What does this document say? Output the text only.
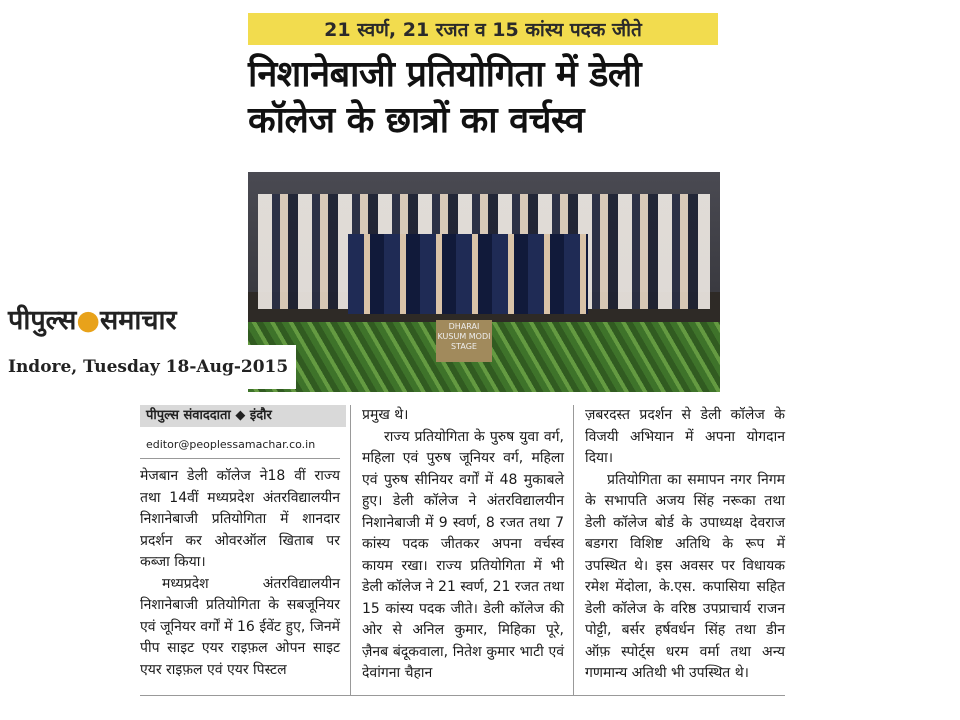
21 स्वर्ण, 21 रजत व 15 कांस्य पदक जीते
निशानेबाजी प्रतियोगिता में डेली
कॉलेज के छात्रों का वर्चस्व
DHARAI KUSUM MODI STAGE
पीपुल्स●समाचार
Indore, Tuesday 18-Aug-2015
पीपुल्स संवाददाता ◆ इंदौर
editor@peoplessamachar.co.in

मेजबान डेली कॉलेज ने18 वीं राज्य तथा 14वीं मध्यप्रदेश अंतरविद्यालयीन निशानेबाजी प्रतियोगिता में शानदार प्रदर्शन कर ओवरऑल खिताब पर कब्जा किया।

मध्यप्रदेश अंतरविद्यालयीन निशानेबाजी प्रतियोगिता के सबजूनियर एवं जूनियर वर्गों में 16 ईवेंट हुए, जिनमें पीप साइट एयर राइफ़ल ओपन साइट एयर राइफ़ल एवं एयर पिस्टल

प्रमुख थे।

राज्य प्रतियोगिता के पुरुष युवा वर्ग, महिला एवं पुरुष जूनियर वर्ग, महिला एवं पुरुष सीनियर वर्गों में 48 मुकाबले हुए। डेली कॉलेज ने अंतरविद्यालयीन निशानेबाजी में 9 स्वर्ण, 8 रजत तथा 7 कांस्य पदक जीतकर अपना वर्चस्व कायम रखा। राज्य प्रतियोगिता में भी डेली कॉलेज ने 21 स्वर्ण, 21 रजत तथा 15 कांस्य पदक जीते। डेली कॉलेज की ओर से अनिल कुमार, मिहिका पूरे, ज़ैनब बंदूकवाला, नितेश कुमार भाटी एवं देवांगना चैहान

ज़बरदस्त प्रदर्शन से डेली कॉलेज के विजयी अभियान में अपना योगदान दिया।

प्रतियोगिता का समापन नगर निगम के सभापति अजय सिंह नरूका तथा डेली कॉलेज बोर्ड के उपाध्यक्ष देवराज बडगरा विशिष्ट अतिथि के रूप में उपस्थित थे। इस अवसर पर विधायक रमेश मेंदोला, के.एस. कपासिया सहित डेली कॉलेज के वरिष्ठ उपप्राचार्य राजन पोट्टी, बर्सर हर्षवर्धन सिंह तथा डीन ऑफ़ स्पोर्ट्स धरम वर्मा तथा अन्य गणमान्य अतिथी भी उपस्थित थे।
